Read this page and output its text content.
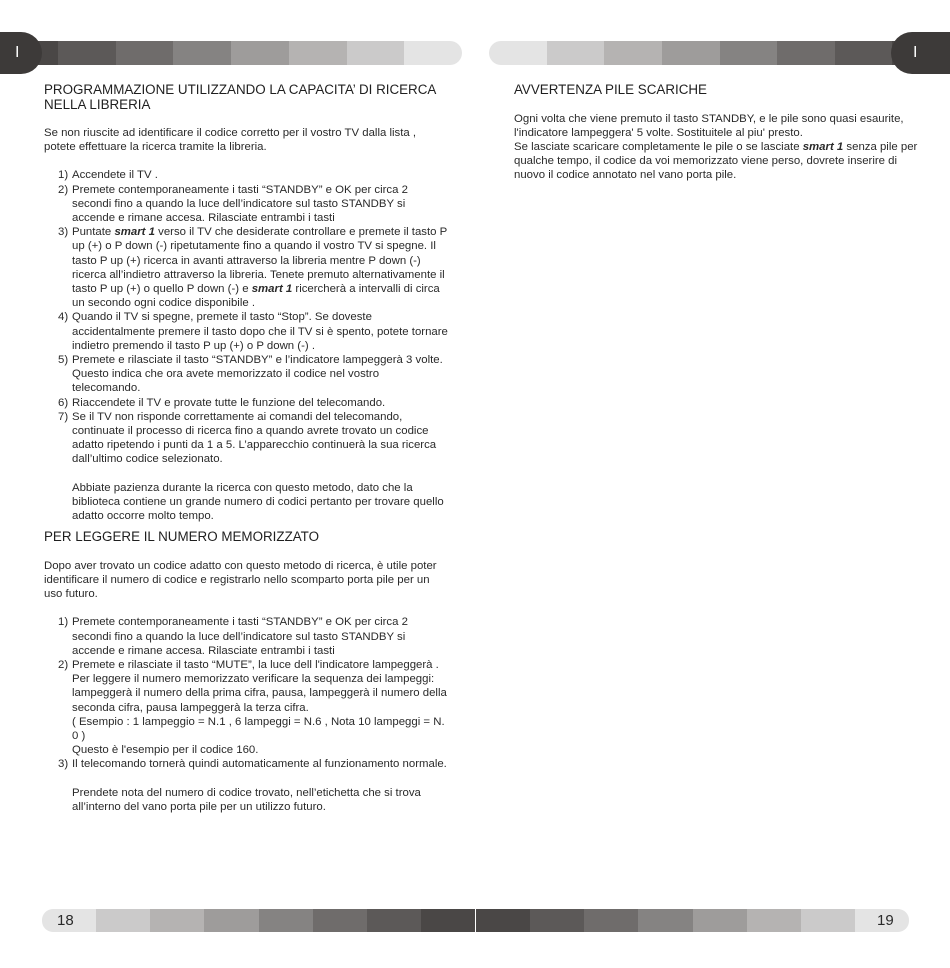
I	I
18	19
PROGRAMMAZIONE UTILIZZANDO LA CAPACITA’ DI RICERCA NELLA LIBRERIA

Se non riuscite ad identificare il codice corretto per il vostro TV dalla lista , potete effettuare la ricerca tramite la libreria.

1) Accendete il TV .
2) Premete contemporaneamente i tasti “STANDBY” e OK per circa 2 secondi fino a quando la luce dell’indicatore sul tasto STANDBY si accende e rimane accesa. Rilasciate entrambi i tasti
3) Puntate smart 1 verso il TV che desiderate controllare e premete il tasto P up (+) o P down (-) ripetutamente fino a quando il vostro TV si spegne. Il tasto P up (+) ricerca in avanti attraverso la libreria mentre P down (-) ricerca all’indietro attraverso la libreria. Tenete premuto alternativamente il tasto P up (+) o quello P down (-) e smart 1 ricercherà a intervalli di circa un secondo ogni codice disponibile .
4) Quando il TV si spegne, premete il tasto “Stop”. Se doveste accidentalmente premere il tasto dopo che il TV si è spento, potete tornare indietro premendo il tasto P up (+) o P down (-) .
5) Premete e rilasciate il tasto “STANDBY” e l’indicatore lampeggerà 3 volte.
Questo indica che ora avete memorizzato il codice nel vostro telecomando.
6) Riaccendete il TV e provate tutte le funzione del telecomando.
7) Se il TV non risponde correttamente ai comandi del telecomando, continuate il processo di ricerca fino a quando avrete trovato un codice adatto ripetendo i punti da 1 a 5. L’apparecchio continuerà la sua ricerca dall’ultimo codice selezionato.

Abbiate pazienza durante la ricerca con questo metodo, dato che la biblioteca contiene un grande numero di codici pertanto per trovare quello adatto occorre molto tempo.

PER LEGGERE IL NUMERO MEMORIZZATO

Dopo aver trovato un codice adatto con questo metodo di ricerca, è utile poter identificare il numero di codice e registrarlo nello scomparto porta pile per un uso futuro.

1) Premete contemporaneamente i tasti “STANDBY” e OK per circa 2 secondi fino a quando la luce dell’indicatore sul tasto STANDBY si accende e rimane accesa. Rilasciate entrambi i tasti
2) Premete e rilasciate il tasto “MUTE”, la luce dell l'indicatore lampeggerà .
Per leggere il numero memorizzato verificare la sequenza dei lampeggi: lampeggerà il numero della prima cifra, pausa, lampeggerà il numero della seconda cifra, pausa lampeggerà la terza cifra.
( Esempio : 1 lampeggio = N.1 , 6 lampeggi = N.6 , Nota 10 lampeggi = N. 0 )
Questo è l'esempio per il codice 160.
3) Il telecomando tornerà quindi automaticamente al funzionamento normale.

Prendete nota del numero di codice trovato, nell’etichetta che si trova all’interno del vano porta pile per un utilizzo futuro.

AVVERTENZA PILE SCARICHE

Ogni volta che viene premuto il tasto STANDBY, e le pile sono quasi esaurite, l'indicatore lampeggera' 5 volte. Sostituitele al piu' presto.

Se lasciate scaricare completamente le pile o se lasciate smart 1 senza pile per qualche tempo, il codice da voi memorizzato viene perso, dovrete inserire di nuovo il codice annotato nel vano porta pile.
